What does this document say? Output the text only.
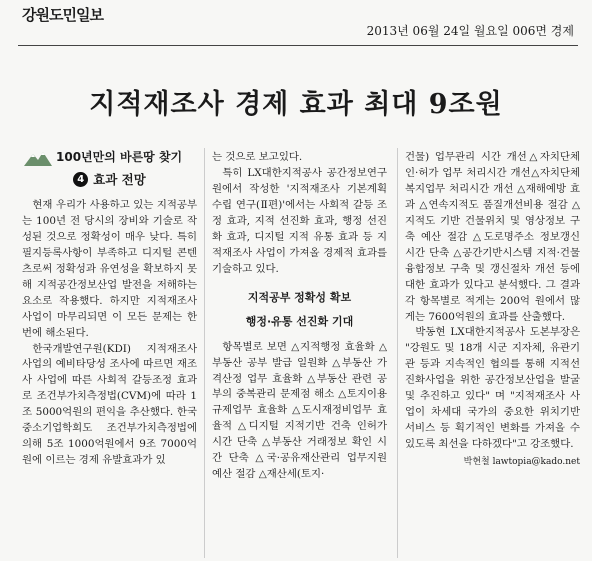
강원도민일보
2013년 06월 24일 월요일 006면 경제
지적재조사 경제 효과 최대 9조원
100년만의 바른땅 찾기
4 효과 전망

현재 우리가 사용하고 있는 지적공부는 100년 전 당시의 장비와 기술로 작성된 것으로 정확성이 매우 낮다. 특히 필지등록사항이 부족하고 디지털 콘텐츠로써 정확성과 유연성을 확보하지 못해 지적공간정보산업 발전을 저해하는 요소로 작용했다. 하지만 지적재조사 사업이 마무리되면 이 모든 문제는 한 번에 해소된다.

한국개발연구원(KDI) 지적재조사 사업의 예비타당성 조사에 따르면 재조사 사업에 따른 사회적 갈등조정 효과로 조건부가치측정법(CVM)에 따라 1조 5000억원의 편익을 추산했다. 한국중소기업학회도 조건부가치측정법에 의해 5조 1000억원에서 9조 7000억원에 이르는 경제 유발효과가 있

는 것으로 보고있다.

특히 LX대한지적공사 공간정보연구원에서 작성한 '지적재조사 기본계획 수립 연구(Ⅱ편)'에서는 사회적 갈등 조정 효과, 지적 선진화 효과, 행정 선진화 효과, 디지털 지적 유통 효과 등 지적재조사 사업이 가져올 경제적 효과를 기술하고 있다.

지적공부 정확성 확보
행정·유통 선진화 기대

항목별로 보면 △지적행정 효율화 △부동산 공부 발급 일원화 △부동산 가격산정 업무 효율화 △부동산 관련 공부의 중복관리 문제점 해소 △토지이용규제업무 효율화 △도시재정비업무 효율적 △디지털 지적기반 건축 인허가 시간 단축 △부동산 거래정보 확인 시간 단축 △국·공유재산관리 업무지원 예산 절감 △재산세(토지·

건물) 업무관리 시간 개선△자치단체 인·허가 업무 처리시간 개선△자치단체 복지업무 처리시간 개선 △재해예방 효과 △연속지적도 품질개선비용 절감 △지적도 기반 건물위치 및 영상정보 구축 예산 절감 △도로명주소 정보갱신 시간 단축 △공간기반시스템 지적·건물 융합정보 구축 및 갱신절차 개선 등에 대한 효과가 있다고 분석했다. 그 결과 각 항목별로 적게는 200억 원에서 많게는 7600억원의 효과를 산출했다.

박동현 LX대한지적공사 도본부장은 "강원도 및 18개 시군 지자체, 유관기관 등과 지속적인 협의를 통해 지적선진화사업을 위한 공간정보산업을 발굴 및 추진하고 있다" 며 "지적재조사 사업이 차세대 국가의 중요한 위치기반 서비스 등 획기적인 변화를 가져올 수 있도록 최선을 다하겠다"고 강조했다.

박현철 lawtopia@kado.net
